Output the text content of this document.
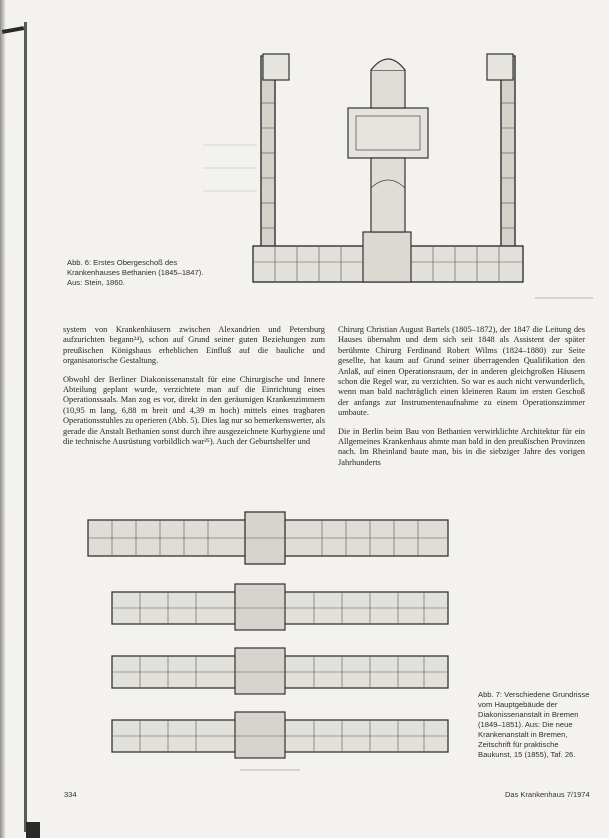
Abb. 6: Erstes Obergeschoß des Krankenhauses Bethanien (1845–1847). Aus: Stein, 1860.

system von Krankenhäusern zwischen Alexandrien und Petersburg aufzurichten begann²⁴), schon auf Grund seiner guten Beziehungen zum preußischen Königshaus erheblichen Einfluß auf die bauliche und organisatorische Gestaltung.

Obwohl der Berliner Diakonissenanstalt für eine Chirurgische und Innere Abteilung geplant wurde, verzichtete man auf die Einrichtung eines Operationssaals. Man zog es vor, direkt in den geräumigen Krankenzimmern (10,95 m lang, 6,88 m breit und 4,39 m hoch) mittels eines tragbaren Operationsstuhles zu operieren (Abb. 5). Dies lag nur so bemerkenswerter, als gerade die Anstalt Bethanien sonst durch ihre ausgezeichnete Kurhygiene und die technische Ausrüstung vorbildlich war²⁵). Auch der Geburtshelfer und

Chirurg Christian August Bartels (1805–1872), der 1847 die Leitung des Hauses übernahm und dem sich seit 1848 als Assistent der später berühmte Chirurg Ferdinand Robert Wilms (1824–1880) zur Seite gesellte, hat kaum auf Grund seiner überragenden Qualifikation den Anlaß, auf einen Operationsraum, der in anderen gleichgroßen Häusern schon die Regel war, zu verzichten. So war es auch nicht verwunderlich, wenn man bald nachträglich einen kleineren Raum im ersten Geschoß der anfangs zur Instrumentenaufnahme zu einem Operationszimmer umbaute.

Die in Berlin beim Bau von Bethanien verwirklichte Architektur für ein Allgemeines Krankenhaus ahmte man bald in den preußischen Provinzen nach. Im Rheinland baute man, bis in die siebziger Jahre des vorigen Jahrhunderts

Abb. 7: Verschiedene Grundrisse vom Hauptgebäude der Diakonissenanstalt in Bremen (1849–1851). Aus: Die neue Krankenanstalt in Bremen, Zeitschrift für praktische Baukunst, 15 (1855), Taf. 26.
334	Das Krankenhaus 7/1974
